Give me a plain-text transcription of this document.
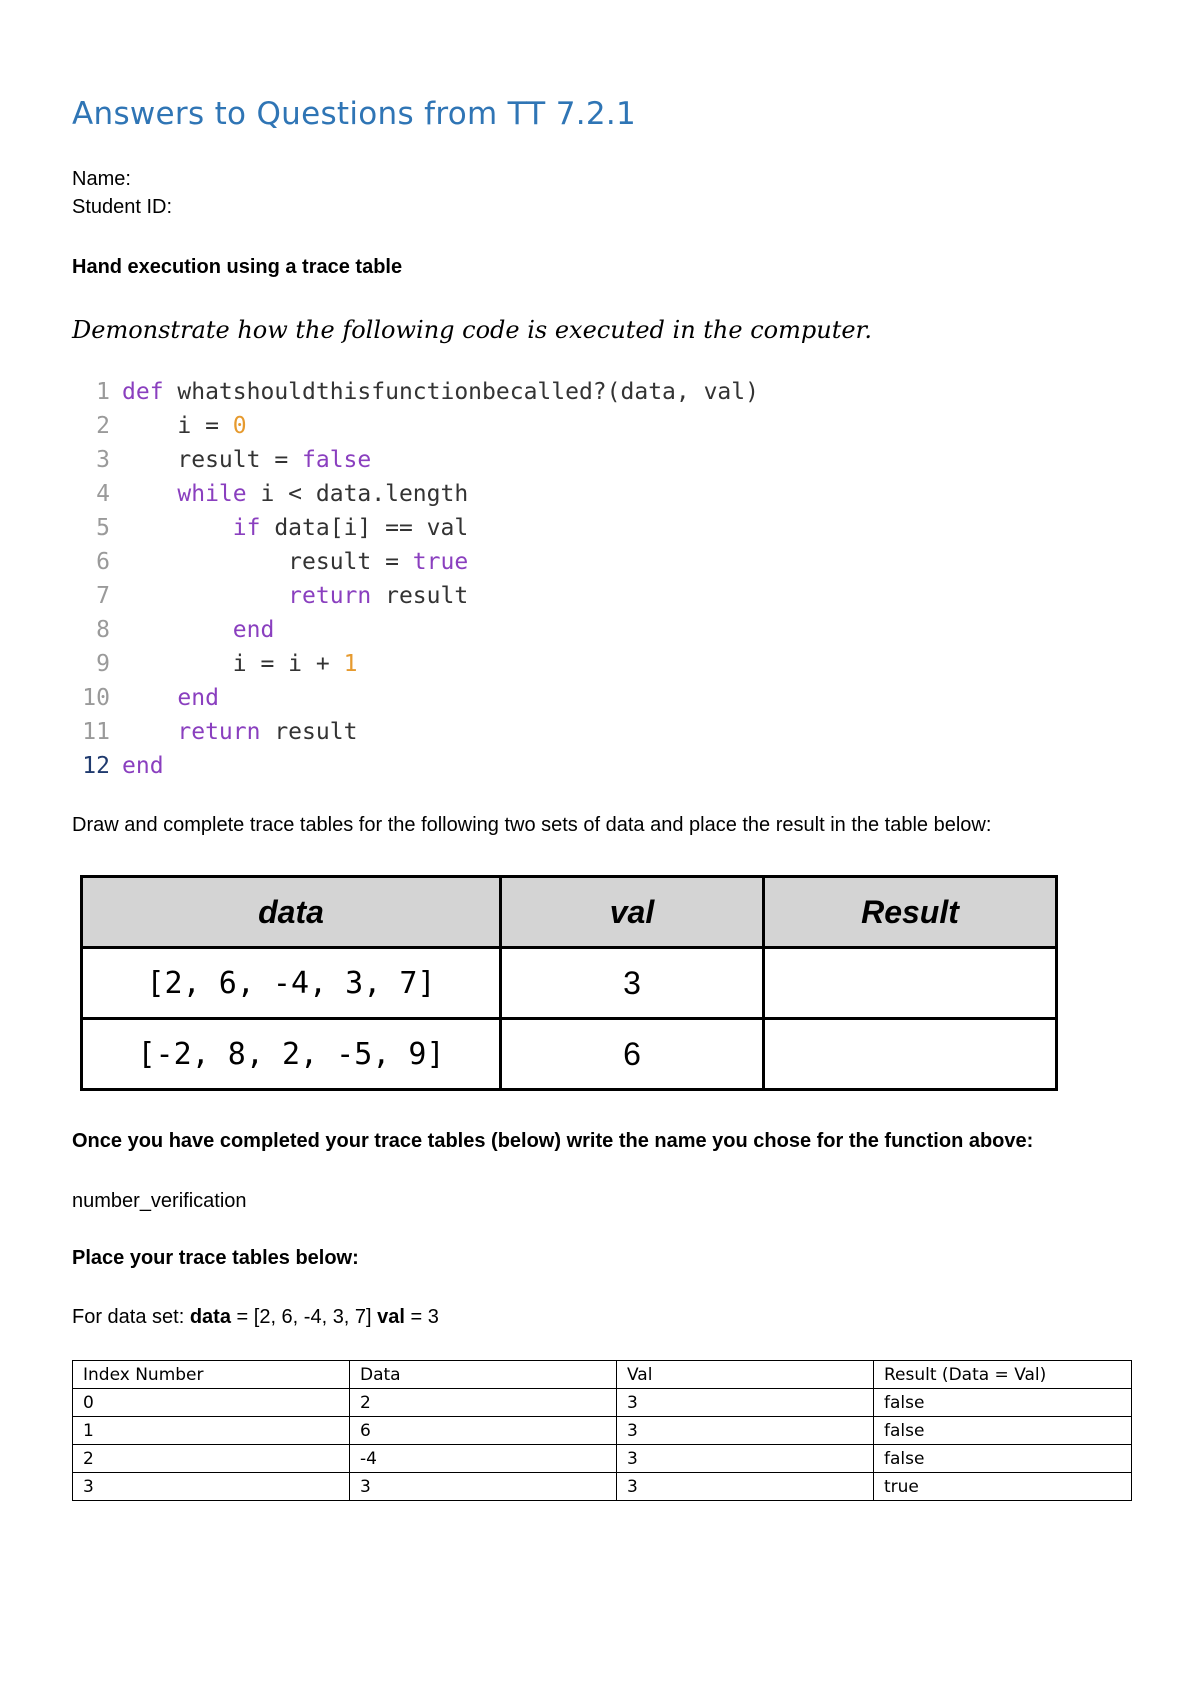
Answers to Questions from TT 7.2.1
Name:
Student ID:
Hand execution using a trace table
Demonstrate how the following code is executed in the computer.
1 def whatshouldthisfunctionbecalled?(data, val)
2 i = 0
3 result = false
4	while i < data.length
5	if data[i] == val
6 result = true
7	return result
8	end
9 i = i + 1
10	end
11	return result
12 end
Draw and complete trace tables for the following two sets of data and place the result in the table below:
data	val	Result
[2, 6, -4, 3, 7]	3	
[-2, 8, 2, -5, 9]	6	
Once you have completed your trace tables (below) write the name you chose for the function above:
number_verification
Place your trace tables below:
For data set: data = [2, 6, -4, 3, 7] val = 3
Index Number	Data	Val	Result (Data = Val)
0	2	3	false
1	6	3	false
2	-4	3	false
3	3	3	true
